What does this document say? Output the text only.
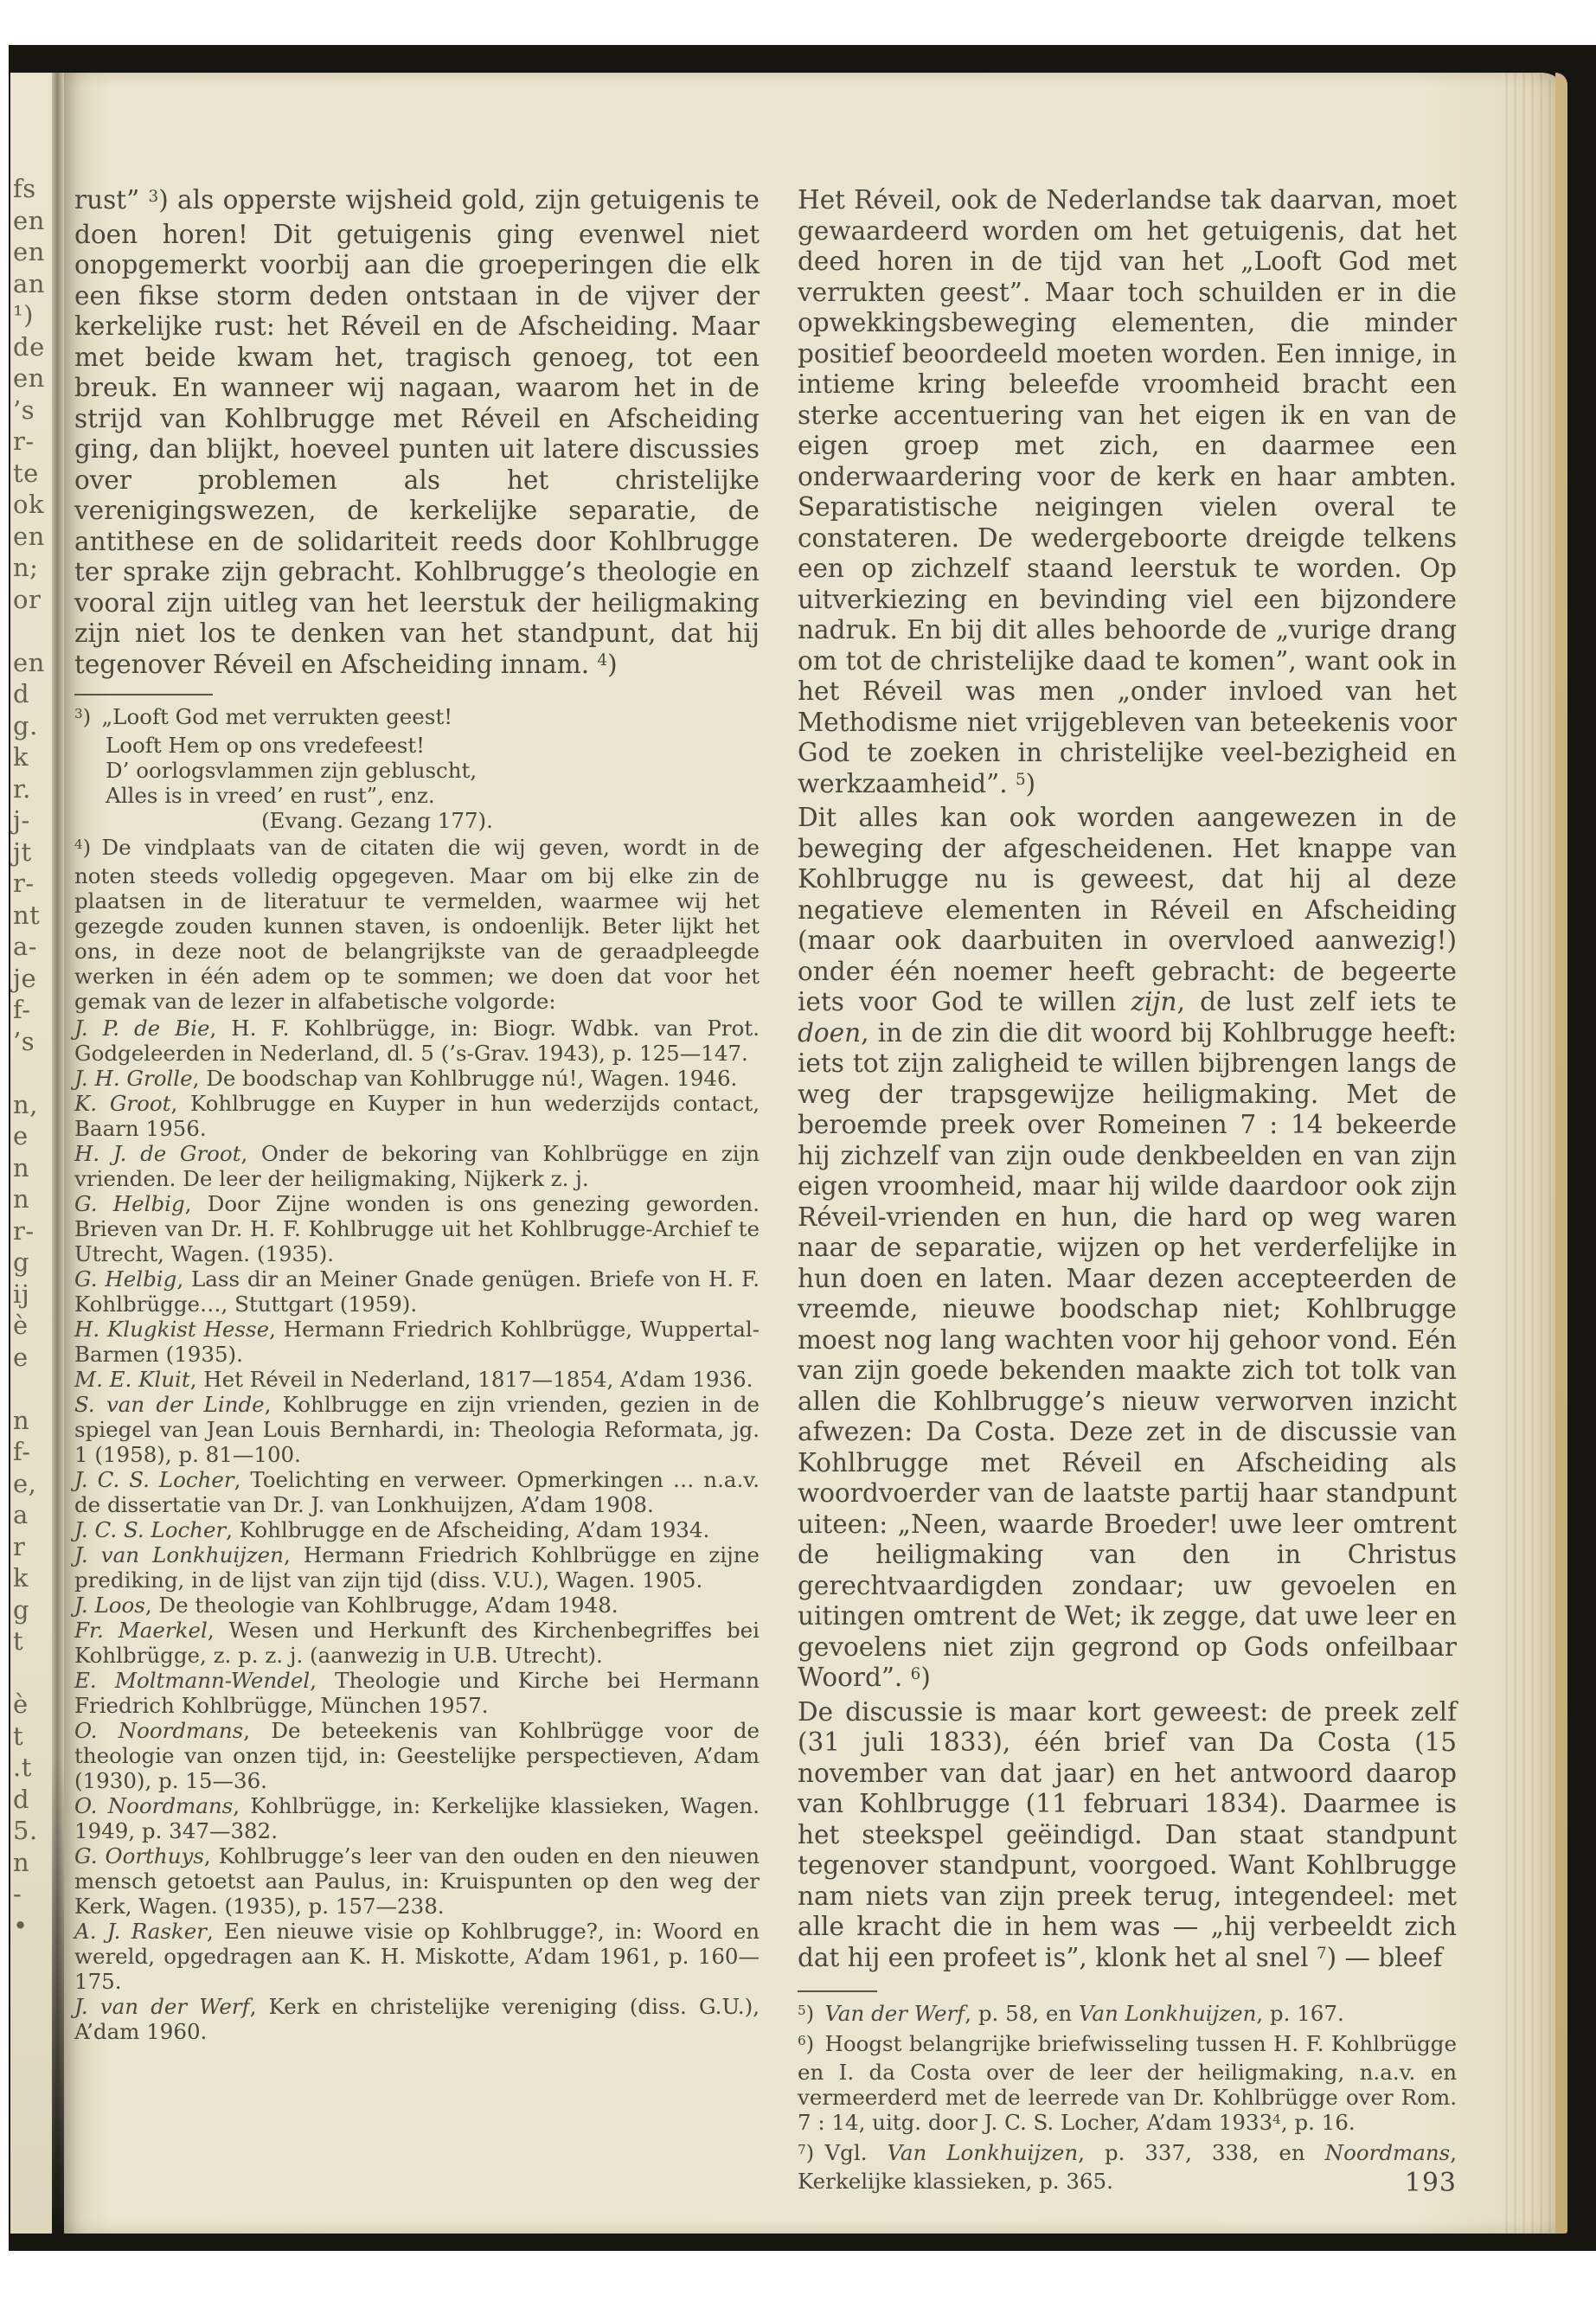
fs
en
en
an
¹)
de
en
’s
r-
te
ok
en
n;
or
en
d
g.
k
r.
j-
jt
r-
nt
a-
je
f-
’s
n,
e
n
n
r-
g
ij
è
e
n
f-
e,
a
r
k
g
t
è
t
.t
d
5.
n
-
•
rust” $^3$) als opperste wijsheid gold, zijn getuigenis te doen horen! Dit getuigenis ging evenwel niet onopgemerkt voorbij aan die groeperingen die elk een fikse storm deden ontstaan in de vijver der kerkelijke rust: het Réveil en de Afscheiding. Maar met beide kwam het, tragisch genoeg, tot een breuk. En wanneer wij nagaan, waarom het in de strijd van Kohlbrugge met Réveil en Afscheiding ging, dan blijkt, hoeveel punten uit latere discussies over problemen als het christelijke verenigingswezen, de kerkelijke separatie, de antithese en de solidariteit reeds door Kohlbrugge ter sprake zijn gebracht. Kohlbrugge’s theologie en vooral zijn uitleg van het leerstuk der heiligmaking zijn niet los te denken van het standpunt, dat hij tegenover Réveil en Afscheiding innam. $^4$)
$^3$) „Looft God met verrukten geest!
Looft Hem op ons vredefeest!
D’ oorlogsvlammen zijn gebluscht,
Alles is in vreed’ en rust”, enz.
(Evang. Gezang 177).
$^4$) De vindplaats van de citaten die wij geven, wordt in de noten steeds volledig opgegeven. Maar om bij elke zin de plaatsen in de literatuur te vermelden, waarmee wij het gezegde zouden kunnen staven, is ondoenlijk. Beter lijkt het ons, in deze noot de belangrijkste van de geraadpleegde werken in één adem op te sommen; we doen dat voor het gemak van de lezer in alfabetische volgorde:
J. P. de Bie, H. F. Kohlbrügge, in: Biogr. Wdbk. van Prot. Godgeleerden in Nederland, dl. 5 (’s-Grav. 1943), p. 125—147.
J. H. Grolle, De boodschap van Kohlbrugge nú!, Wagen. 1946.
K. Groot, Kohlbrugge en Kuyper in hun wederzijds contact, Baarn 1956.
H. J. de Groot, Onder de bekoring van Kohlbrügge en zijn vrienden. De leer der heiligmaking, Nijkerk z. j.
G. Helbig, Door Zijne wonden is ons genezing geworden. Brieven van Dr. H. F. Kohlbrugge uit het Kohlbrugge-Archief te Utrecht, Wagen. (1935).
G. Helbig, Lass dir an Meiner Gnade genügen. Briefe von H. F. Kohlbrügge…, Stuttgart (1959).
H. Klugkist Hesse, Hermann Friedrich Kohlbrügge, Wuppertal-Barmen (1935).
M. E. Kluit, Het Réveil in Nederland, 1817—1854, A’dam 1936.
S. van der Linde, Kohlbrugge en zijn vrienden, gezien in de spiegel van Jean Louis Bernhardi, in: Theologia Reformata, jg. 1 (1958), p. 81—100.
J. C. S. Locher, Toelichting en verweer. Opmerkingen … n.a.v. de dissertatie van Dr. J. van Lonkhuijzen, A’dam 1908.
J. C. S. Locher, Kohlbrugge en de Afscheiding, A’dam 1934.
J. van Lonkhuijzen, Hermann Friedrich Kohlbrügge en zijne prediking, in de lijst van zijn tijd (diss. V.U.), Wagen. 1905.
J. Loos, De theologie van Kohlbrugge, A’dam 1948.
Fr. Maerkel, Wesen und Herkunft des Kirchenbegriffes bei Kohlbrügge, z. p. z. j. (aanwezig in U.B. Utrecht).
E. Moltmann-Wendel, Theologie und Kirche bei Hermann Friedrich Kohlbrügge, München 1957.
O. Noordmans, De beteekenis van Kohlbrügge voor de theologie van onzen tijd, in: Geestelijke perspectieven, A’dam (1930), p. 15—36.
O. Noordmans, Kohlbrügge, in: Kerkelijke klassieken, Wagen. 1949, p. 347—382.
G. Oorthuys, Kohlbrugge’s leer van den ouden en den nieuwen mensch getoetst aan Paulus, in: Kruispunten op den weg der Kerk, Wagen. (1935), p. 157—238.
A. J. Rasker, Een nieuwe visie op Kohlbrugge?, in: Woord en wereld, opgedragen aan K. H. Miskotte, A’dam 1961, p. 160—175.
J. van der Werf, Kerk en christelijke vereniging (diss. G.U.), A’dam 1960.
Het Réveil, ook de Nederlandse tak daarvan, moet gewaardeerd worden om het getuigenis, dat het deed horen in de tijd van het „Looft God met verrukten geest”. Maar toch schuilden er in die opwekkingsbeweging elementen, die minder positief beoordeeld moeten worden. Een innige, in intieme kring beleefde vroomheid bracht een sterke accentuering van het eigen ik en van de eigen groep met zich, en daarmee een onderwaardering voor de kerk en haar ambten. Separatistische neigingen vielen overal te constateren. De wedergeboorte dreigde telkens een op zichzelf staand leerstuk te worden. Op uitverkiezing en bevinding viel een bijzondere nadruk. En bij dit alles behoorde de „vurige drang om tot de christelijke daad te komen”, want ook in het Réveil was men „onder invloed van het Methodisme niet vrijgebleven van beteekenis voor God te zoeken in christelijke veel-bezigheid en werkzaamheid”. $^5$)
Dit alles kan ook worden aangewezen in de beweging der afgescheidenen. Het knappe van Kohlbrugge nu is geweest, dat hij al deze negatieve elementen in Réveil en Afscheiding (maar ook daarbuiten in overvloed aanwezig!) onder één noemer heeft gebracht: de begeerte iets voor God te willen zijn, de lust zelf iets te doen, in de zin die dit woord bij Kohlbrugge heeft: iets tot zijn zaligheid te willen bijbrengen langs de weg der trapsgewijze heiligmaking. Met de beroemde preek over Romeinen 7 : 14 bekeerde hij zichzelf van zijn oude denkbeelden en van zijn eigen vroomheid, maar hij wilde daardoor ook zijn Réveil-vrienden en hun, die hard op weg waren naar de separatie, wijzen op het verderfelijke in hun doen en laten. Maar dezen accepteerden de vreemde, nieuwe boodschap niet; Kohlbrugge moest nog lang wachten voor hij gehoor vond. Eén van zijn goede bekenden maakte zich tot tolk van allen die Kohlbrugge’s nieuw verworven inzicht afwezen: Da Costa. Deze zet in de discussie van Kohlbrugge met Réveil en Afscheiding als woordvoerder van de laatste partij haar standpunt uiteen: „Neen, waarde Broeder! uwe leer omtrent de heiligmaking van den in Christus gerechtvaardigden zondaar; uw gevoelen en uitingen omtrent de Wet; ik zegge, dat uwe leer en gevoelens niet zijn gegrond op Gods onfeilbaar Woord”. $^6$)
De discussie is maar kort geweest: de preek zelf (31 juli 1833), één brief van Da Costa (15 november van dat jaar) en het antwoord daarop van Kohlbrugge (11 februari 1834). Daarmee is het steekspel geëindigd. Dan staat standpunt tegenover standpunt, voorgoed. Want Kohlbrugge nam niets van zijn preek terug, integendeel: met alle kracht die in hem was — „hij verbeeldt zich dat hij een profeet is”, klonk het al snel $^7$) — bleef
$^5$) Van der Werf, p. 58, en Van Lonkhuijzen, p. 167.
$^6$) Hoogst belangrijke briefwisseling tussen H. F. Kohlbrügge en I. da Costa over de leer der heiligmaking, n.a.v. en vermeerderd met de leerrede van Dr. Kohlbrügge over Rom. 7 : 14, uitg. door J. C. S. Locher, A’dam 1933$^4$, p. 16.
$^7$) Vgl. Van Lonkhuijzen, p. 337, 338, en Noordmans, Kerkelijke klassieken, p. 365.	193
